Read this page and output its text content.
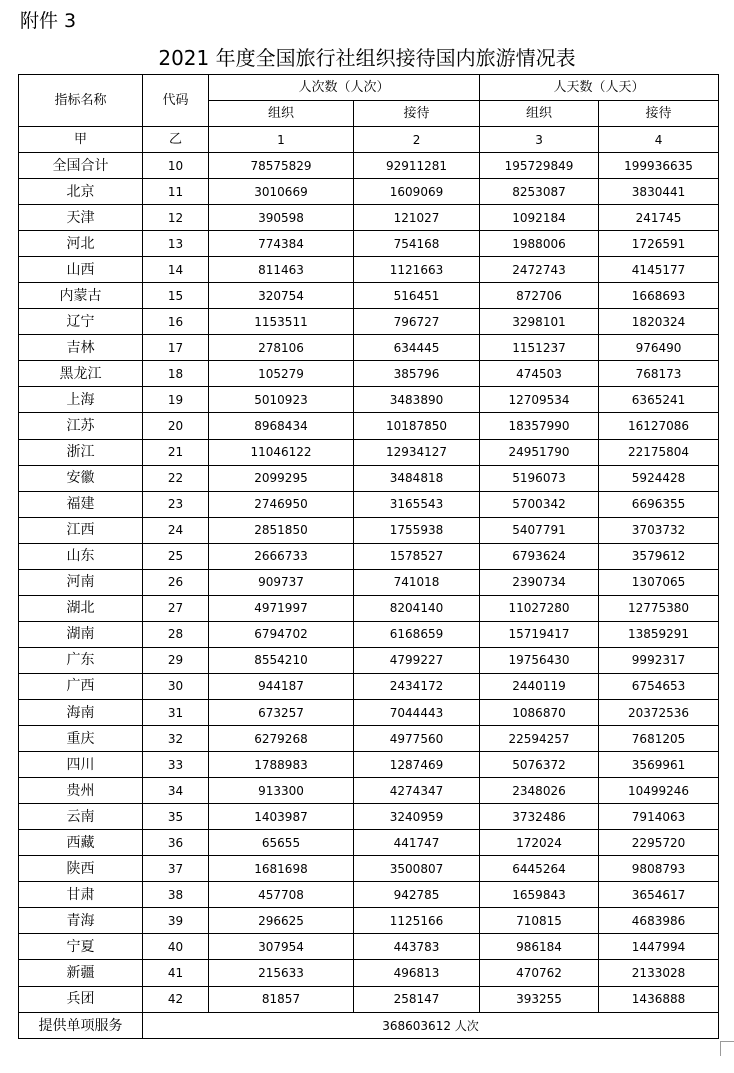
附件 3
2021 年度全国旅行社组织接待国内旅游情况表
指标名称	代码	人次数（人次）		人天数（人天）	
		组织	接待	组织	接待
甲	乙	1	2	3	4
全国合计	10	78575829	92911281	195729849	199936635
北京	11	3010669	1609069	8253087	3830441
天津	12	390598	121027	1092184	241745
河北	13	774384	754168	1988006	1726591
山西	14	811463	1121663	2472743	4145177
内蒙古	15	320754	516451	872706	1668693
辽宁	16	1153511	796727	3298101	1820324
吉林	17	278106	634445	1151237	976490
黑龙江	18	105279	385796	474503	768173
上海	19	5010923	3483890	12709534	6365241
江苏	20	8968434	10187850	18357990	16127086
浙江	21	11046122	12934127	24951790	22175804
安徽	22	2099295	3484818	5196073	5924428
福建	23	2746950	3165543	5700342	6696355
江西	24	2851850	1755938	5407791	3703732
山东	25	2666733	1578527	6793624	3579612
河南	26	909737	741018	2390734	1307065
湖北	27	4971997	8204140	11027280	12775380
湖南	28	6794702	6168659	15719417	13859291
广东	29	8554210	4799227	19756430	9992317
广西	30	944187	2434172	2440119	6754653
海南	31	673257	7044443	1086870	20372536
重庆	32	6279268	4977560	22594257	7681205
四川	33	1788983	1287469	5076372	3569961
贵州	34	913300	4274347	2348026	10499246
云南	35	1403987	3240959	3732486	7914063
西藏	36	65655	441747	172024	2295720
陕西	37	1681698	3500807	6445264	9808793
甘肃	38	457708	942785	1659843	3654617
青海	39	296625	1125166	710815	4683986
宁夏	40	307954	443783	986184	1447994
新疆	41	215633	496813	470762	2133028
兵团	42	81857	258147	393255	1436888
提供单项服务	368603612 人次				
